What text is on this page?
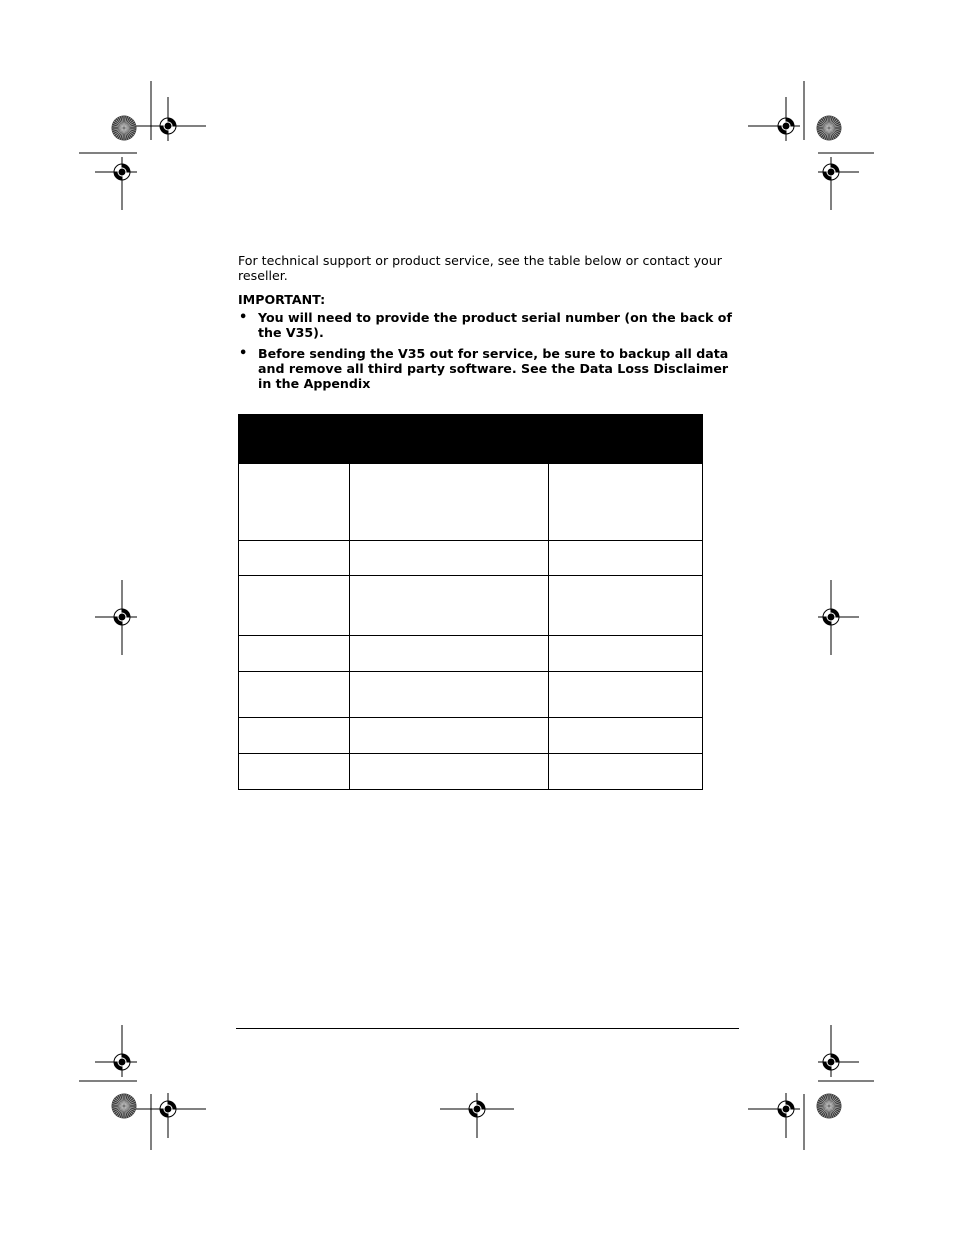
For technical support or product service, see the table below or contact your reseller.

IMPORTANT:
• You will need to provide the product serial number (on the back of the V35).
• Before sending the V35 out for service, be sure to backup all data and remove all third party software. See the Data Loss Disclaimer in the Appendix
